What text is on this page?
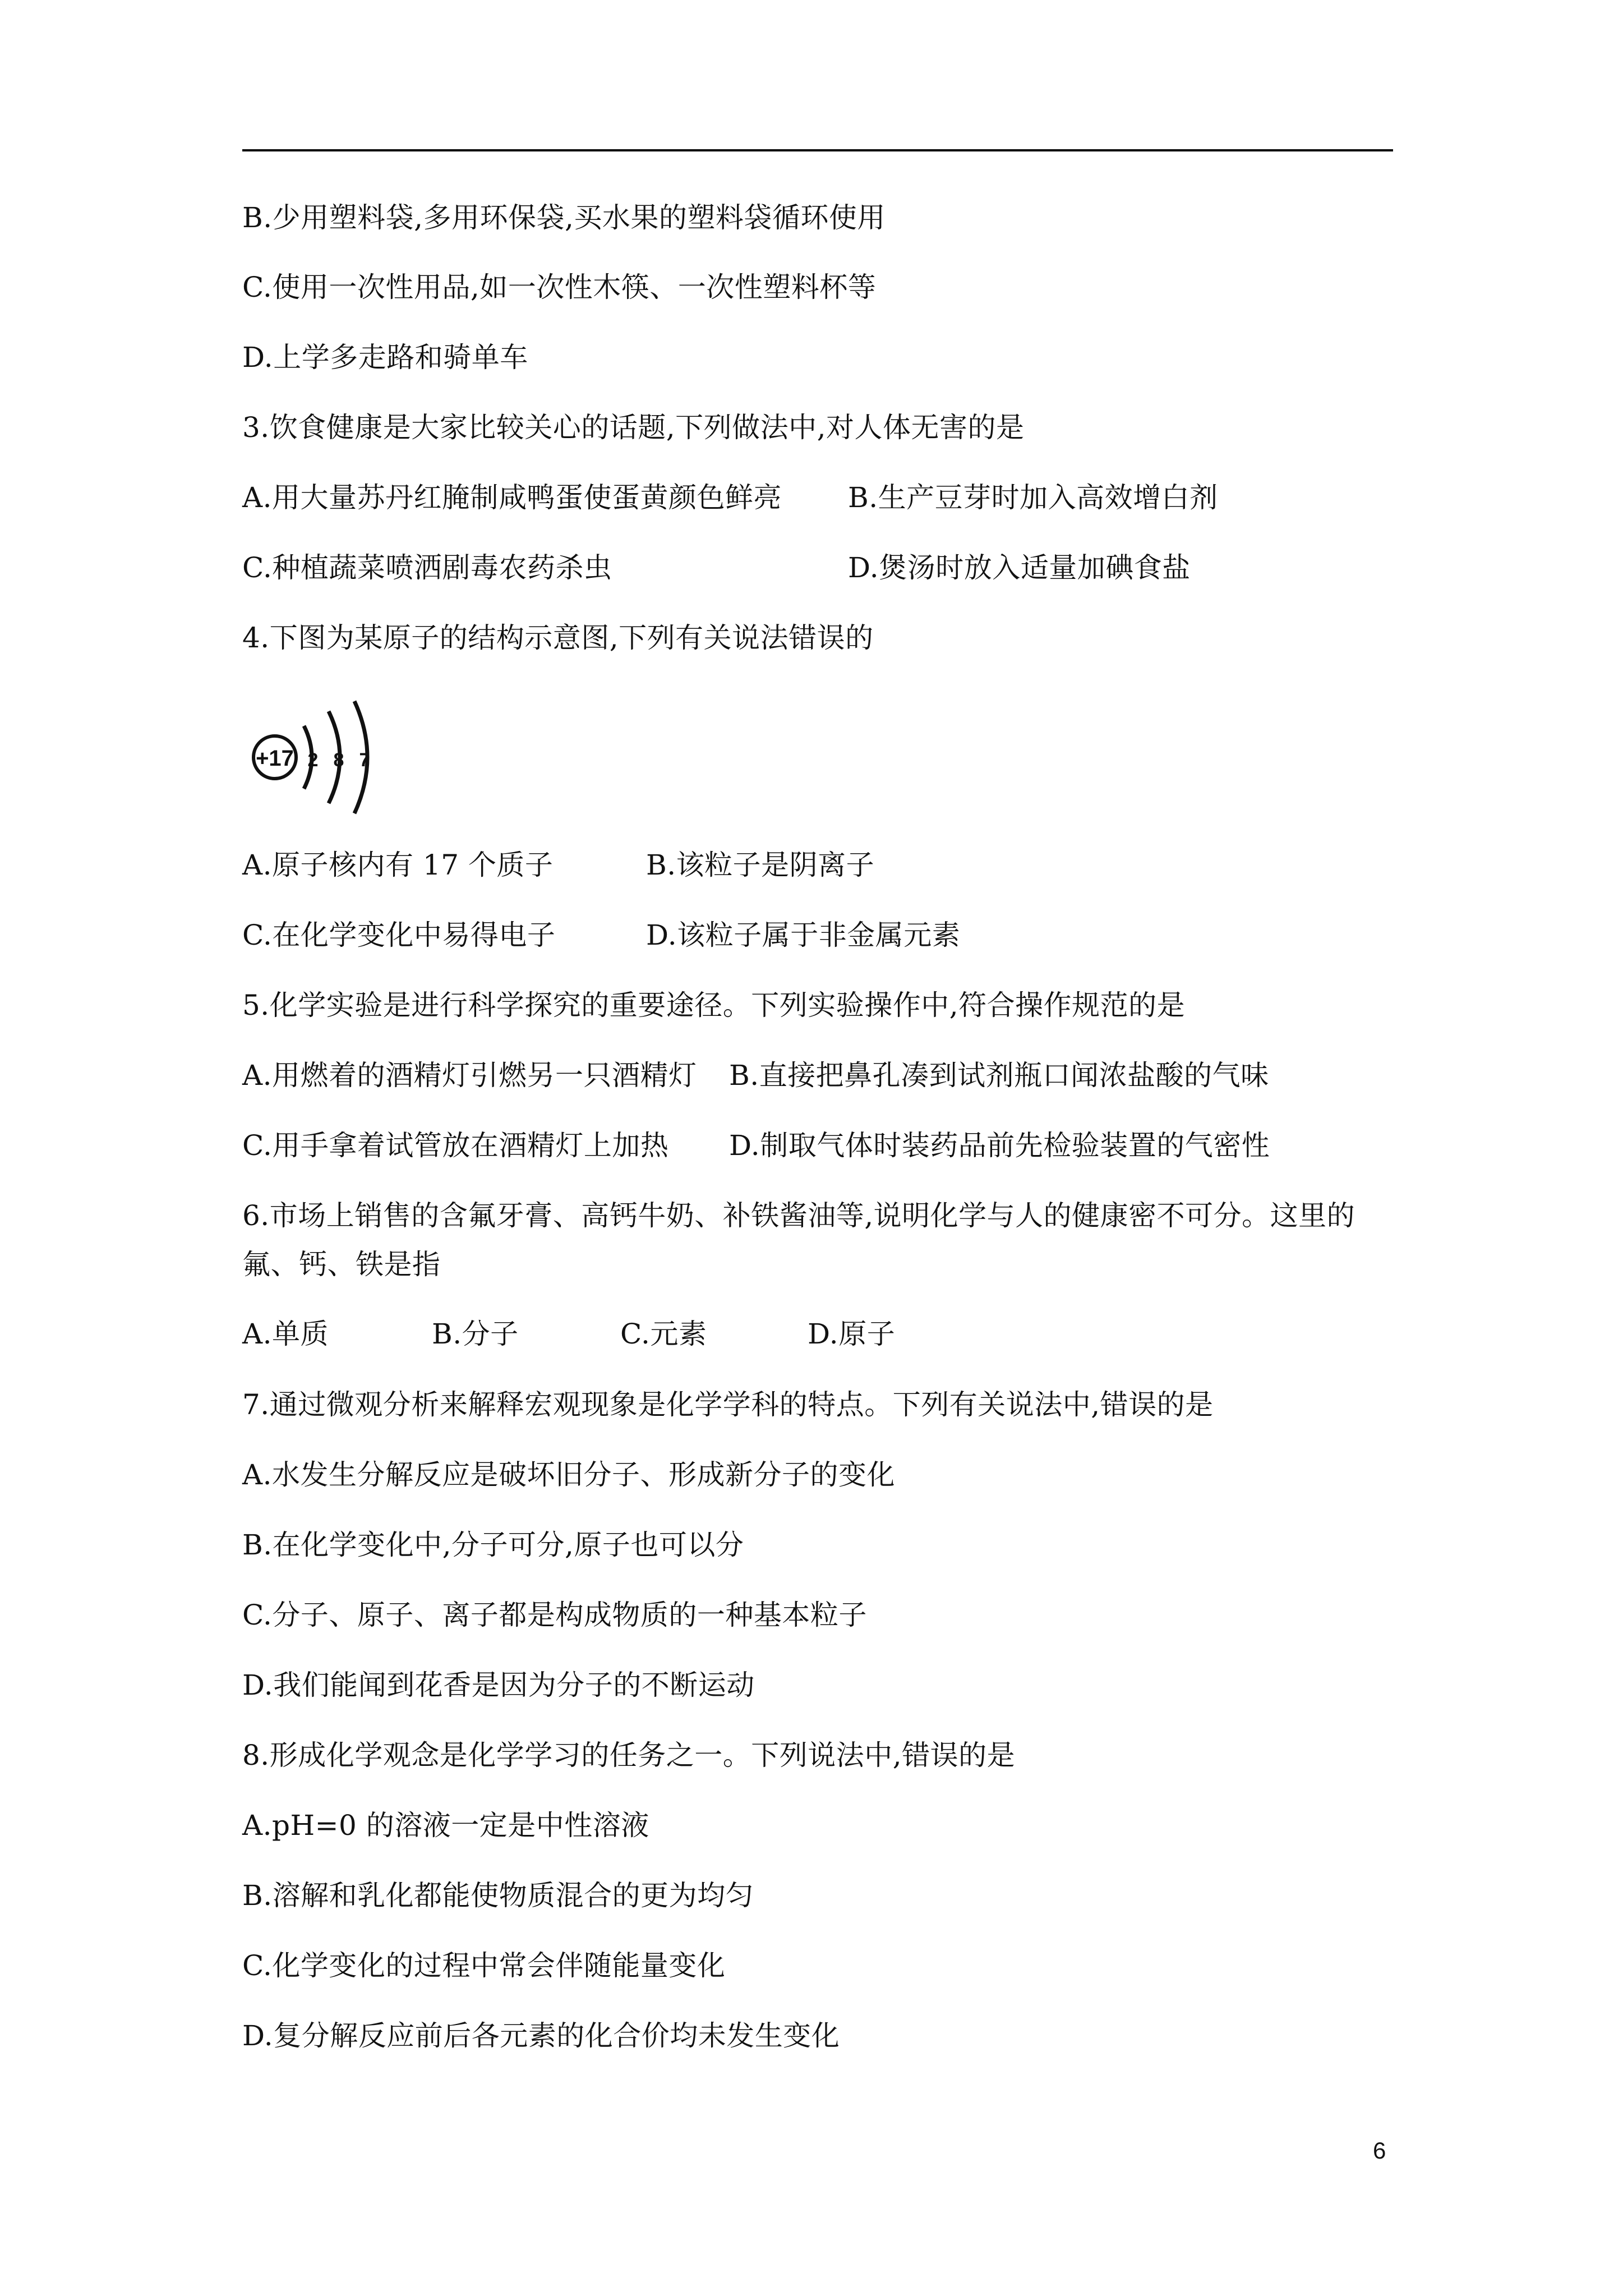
B.少用塑料袋,多用环保袋,买水果的塑料袋循环使用
C.使用一次性用品,如一次性木筷、一次性塑料杯等
D.上学多走路和骑单车
3.饮食健康是大家比较关心的话题,下列做法中,对人体无害的是
A.用大量苏丹红腌制咸鸭蛋使蛋黄颜色鲜亮 B.生产豆芽时加入高效增白剂
C.种植蔬菜喷洒剧毒农药杀虫	D.煲汤时放入适量加碘食盐
4.下图为某原子的结构示意图,下列有关说法错误的
+17 2 8 7
A.原子核内有 17 个质子	B.该粒子是阴离子
C.在化学变化中易得电子	D.该粒子属于非金属元素
5.化学实验是进行科学探究的重要途径。下列实验操作中,符合操作规范的是
A.用燃着的酒精灯引燃另一只酒精灯 B.直接把鼻孔凑到试剂瓶口闻浓盐酸的气味
C.用手拿着试管放在酒精灯上加热 D.制取气体时装药品前先检验装置的气密性
6.市场上销售的含氟牙膏、高钙牛奶、补铁酱油等,说明化学与人的健康密不可分。这里的
氟、钙、铁是指
A.单质	B.分子	C.元素	D.原子
7.通过微观分析来解释宏观现象是化学学科的特点。下列有关说法中,错误的是
A.水发生分解反应是破坏旧分子、形成新分子的变化
B.在化学变化中,分子可分,原子也可以分
C.分子、原子、离子都是构成物质的一种基本粒子
D.我们能闻到花香是因为分子的不断运动
8.形成化学观念是化学学习的任务之一。下列说法中,错误的是
A.pH=0 的溶液一定是中性溶液
B.溶解和乳化都能使物质混合的更为均匀
C.化学变化的过程中常会伴随能量变化
D.复分解反应前后各元素的化合价均未发生变化
6
